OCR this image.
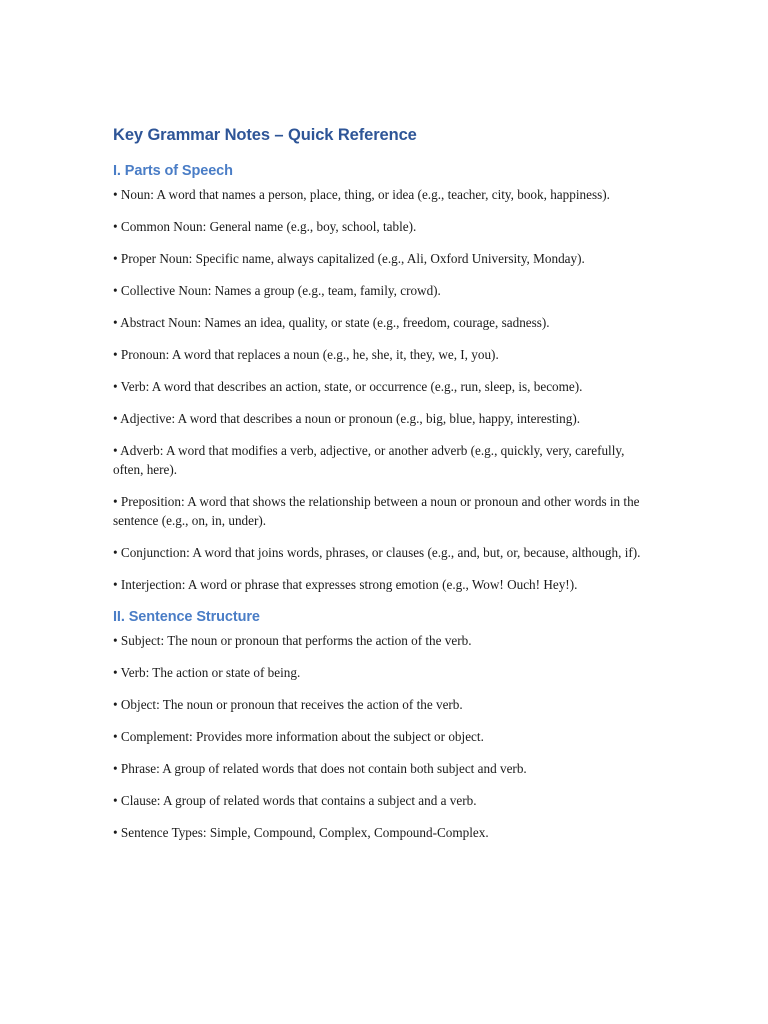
Key Grammar Notes – Quick Reference
I. Parts of Speech

• Noun: A word that names a person, place, thing, or idea (e.g., teacher, city, book, happiness).

• Common Noun: General name (e.g., boy, school, table).

• Proper Noun: Specific name, always capitalized (e.g., Ali, Oxford University, Monday).

• Collective Noun: Names a group (e.g., team, family, crowd).

• Abstract Noun: Names an idea, quality, or state (e.g., freedom, courage, sadness).

• Pronoun: A word that replaces a noun (e.g., he, she, it, they, we, I, you).

• Verb: A word that describes an action, state, or occurrence (e.g., run, sleep, is, become).

• Adjective: A word that describes a noun or pronoun (e.g., big, blue, happy, interesting).

• Adverb: A word that modifies a verb, adjective, or another adverb (e.g., quickly, very, carefully, often, here).

• Preposition: A word that shows the relationship between a noun or pronoun and other words in the sentence (e.g., on, in, under).

• Conjunction: A word that joins words, phrases, or clauses (e.g., and, but, or, because, although, if).

• Interjection: A word or phrase that expresses strong emotion (e.g., Wow! Ouch! Hey!).

II. Sentence Structure

• Subject: The noun or pronoun that performs the action of the verb.

• Verb: The action or state of being.

• Object: The noun or pronoun that receives the action of the verb.

• Complement: Provides more information about the subject or object.

• Phrase: A group of related words that does not contain both subject and verb.

• Clause: A group of related words that contains a subject and a verb.

• Sentence Types: Simple, Compound, Complex, Compound-Complex.
